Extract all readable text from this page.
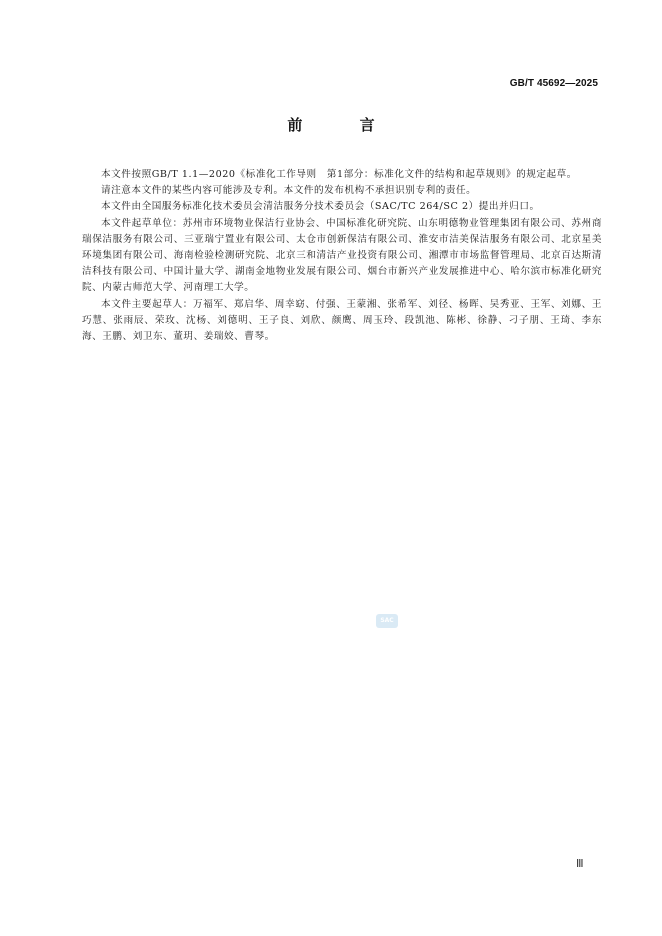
GB/T 45692—2025
前 言

本文件按照GB/T 1.1—2020《标准化工作导则　第1部分：标准化文件的结构和起草规则》的规定起草。

请注意本文件的某些内容可能涉及专利。本文件的发布机构不承担识别专利的责任。

本文件由全国服务标准化技术委员会清洁服务分技术委员会（SAC/TC 264/SC 2）提出并归口。

本文件起草单位：苏州市环境物业保洁行业协会、中国标准化研究院、山东明德物业管理集团有限公司、苏州商瑞保洁服务有限公司、三亚瑞宁置业有限公司、太仓市创新保洁有限公司、淮安市洁美保洁服务有限公司、北京星美环境集团有限公司、海南检验检测研究院、北京三和清洁产业投资有限公司、湘潭市市场监督管理局、北京百达斯清洁科技有限公司、中国计量大学、湖南金地物业发展有限公司、烟台市新兴产业发展推进中心、哈尔滨市标准化研究院、内蒙古师范大学、河南理工大学。

本文件主要起草人：万福军、郑启华、周幸窈、付强、王蒙湘、张希军、刘径、杨晖、吴秀亚、王军、刘娜、王巧慧、张雨辰、荣玫、沈杨、刘德明、王子良、刘欣、颜鹰、周玉玲、段凯池、陈彬、徐静、刁子朋、王琦、李东海、王鹏、刘卫东、董玥、姜瑞姣、曹琴。

SAC
Ⅲ
